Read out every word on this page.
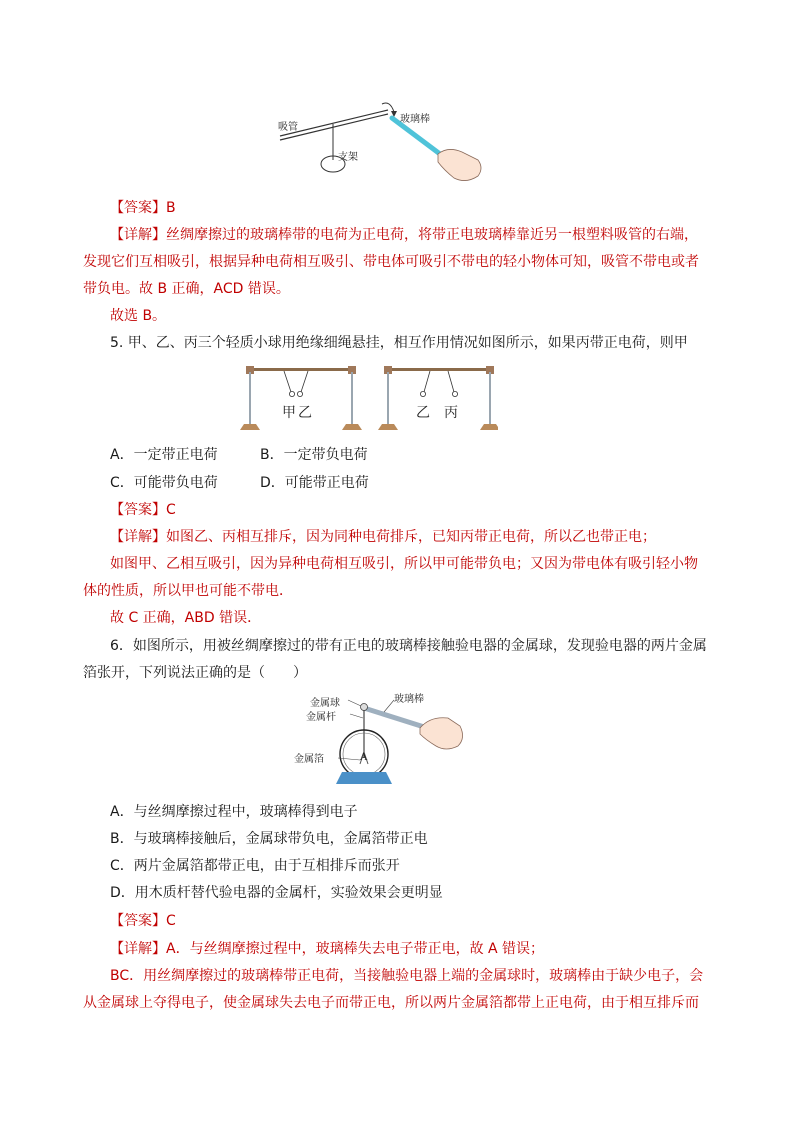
吸管
支架
玻璃棒
【答案】B
【详解】丝绸摩擦过的玻璃棒带的电荷为正电荷，将带正电玻璃棒靠近另一根塑料吸管的右端，
发现它们互相吸引，根据异种电荷相互吸引、带电体可吸引不带电的轻小物体可知，吸管不带电或者
带负电。故 B 正确，ACD 错误。
故选 B。
5. 甲、乙、丙三个轻质小球用绝缘细绳悬挂，相互作用情况如图所示，如果丙带正电荷，则甲
甲 乙	乙 丙
A．一定带正电荷	B．一定带负电荷
C．可能带负电荷	D．可能带正电荷
【答案】C
【详解】如图乙、丙相互排斥，因为同种电荷排斥，已知丙带正电荷，所以乙也带正电；
如图甲、乙相互吸引，因为异种电荷相互吸引，所以甲可能带负电；又因为带电体有吸引轻小物
体的性质，所以甲也可能不带电．
故 C 正确，ABD 错误．
6．如图所示，用被丝绸摩擦过的带有正电的玻璃棒接触验电器的金属球，发现验电器的两片金属
箔张开，下列说法正确的是（　　）
金属球
金属杆
金属箔
玻璃棒
A
A．与丝绸摩擦过程中，玻璃棒得到电子
B．与玻璃棒接触后，金属球带负电，金属箔带正电
C．两片金属箔都带正电，由于互相排斥而张开
D．用木质杆替代验电器的金属杆，实验效果会更明显
【答案】C
【详解】A．与丝绸摩擦过程中，玻璃棒失去电子带正电，故 A 错误；
BC．用丝绸摩擦过的玻璃棒带正电荷，当接触验电器上端的金属球时，玻璃棒由于缺少电子，会
从金属球上夺得电子，使金属球失去电子而带正电，所以两片金属箔都带上正电荷，由于相互排斥而
